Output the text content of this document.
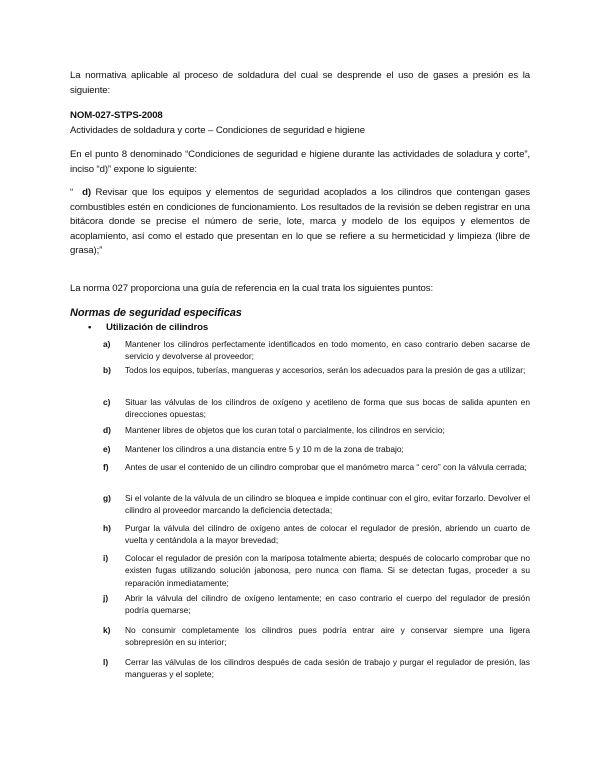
La normativa aplicable al proceso de soldadura del cual se desprende el uso de gases a presión es la siguiente:

NOM-027-STPS-2008

Actividades de soldadura y corte – Condiciones de seguridad e higiene

En el punto 8 denominado “Condiciones de seguridad e higiene durante las actividades de soladura y corte”, inciso “d)” expone lo siguiente:

“ d) Revisar que los equipos y elementos de seguridad acoplados a los cilindros que contengan gases combustibles estén en condiciones de funcionamiento. Los resultados de la revisión se deben registrar en una bitácora donde se precise el número de serie, lote, marca y modelo de los equipos y elementos de acoplamiento, así como el estado que presentan en lo que se refiere a su hermeticidad y limpieza (libre de grasa);”

La norma 027 proporciona una guía de referencia en la cual trata los siguientes puntos:

Normas de seguridad especificas

• Utilización de cilindros
a)	Mantener los cilindros perfectamente identificados en todo momento, en caso contrario deben sacarse de servicio y devolverse al proveedor;
b)	Todos los equipos, tuberías, mangueras y accesorios, serán los adecuados para la presión de gas a utilizar;
c)	Situar las válvulas de los cilindros de oxígeno y acetileno de forma que sus bocas de salida apunten en direcciones opuestas;
d)	Mantener libres de objetos que los curan total o parcialmente, los cilindros en servicio;
e)	Mantener los cilindros a una distancia entre 5 y 10 m de la zona de trabajo;
f)	Antes de usar el contenido de un cilindro comprobar que el manómetro marca “ cero” con la válvula cerrada;
g)	Si el volante de la válvula de un cilindro se bloquea e impide continuar con el giro, evitar forzarlo. Devolver el cilindro al proveedor marcando la deficiencia detectada;
h)	Purgar la válvula del cilindro de oxígeno antes de colocar el regulador de presión, abriendo un cuarto de vuelta y centándola a la mayor brevedad;
i)	Colocar el regulador de presión con la mariposa totalmente abierta; después de colocarlo comprobar que no existen fugas utilizando solución jabonosa, pero nunca con flama. Si se detectan fugas, proceder a su reparación inmediatamente;
j)	Abrir la válvula del cilindro de oxígeno lentamente; en caso contrario el cuerpo del regulador de presión podría quemarse;
k)	No consumir completamente los cilindros pues podría entrar aire y conservar siempre una ligera sobrepresión en su interior;
l)	Cerrar las válvulas de los cilindros después de cada sesión de trabajo y purgar el regulador de presión, las mangueras y el soplete;
